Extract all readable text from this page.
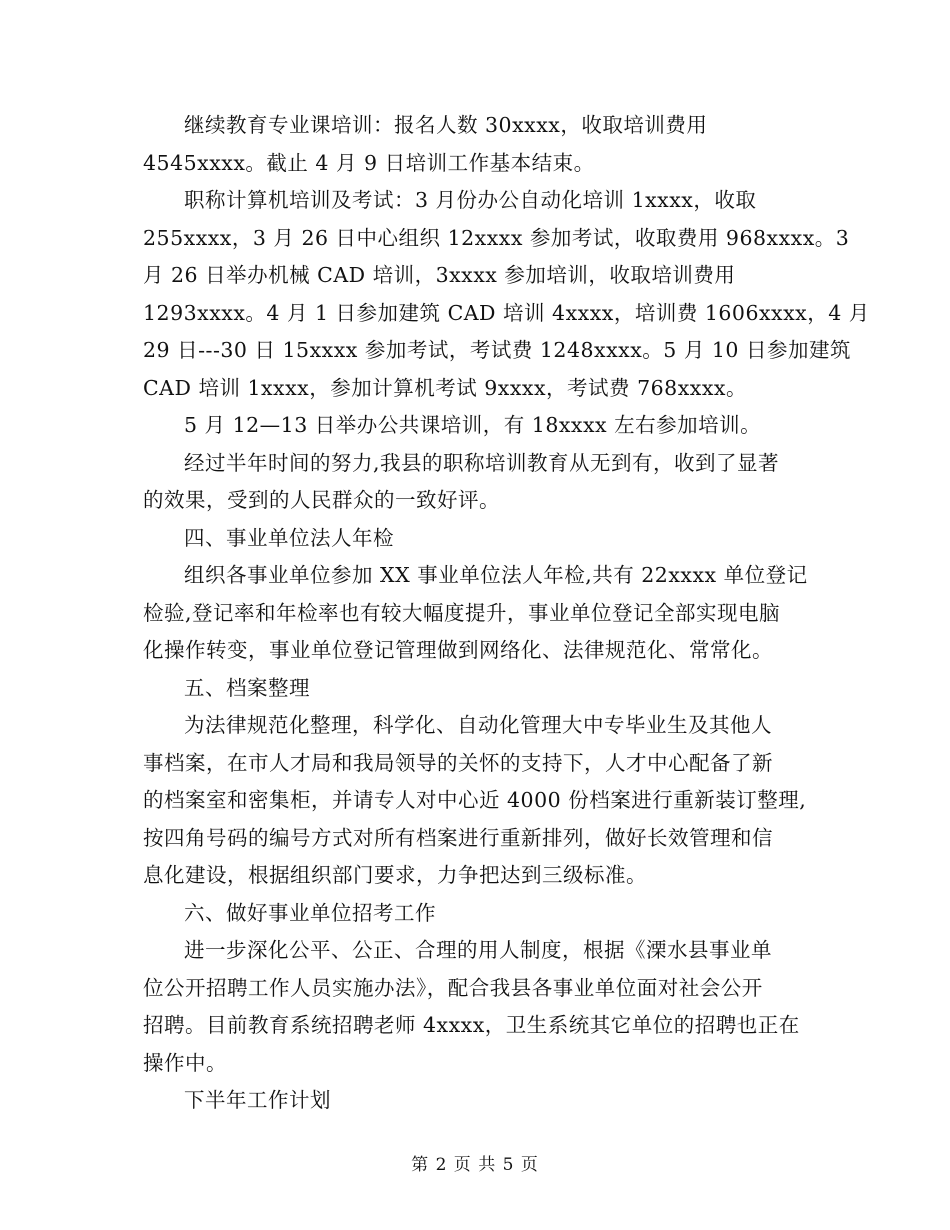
继续教育专业课培训：报名人数 30xxxx，收取培训费用
4545xxxx。截止 4 月 9 日培训工作基本结束。
职称计算机培训及考试：3 月份办公自动化培训 1xxxx，收取
255xxxx，3 月 26 日中心组织 12xxxx 参加考试，收取费用 968xxxx。3
月 26 日举办机械 CAD 培训，3xxxx 参加培训，收取培训费用
1293xxxx。4 月 1 日参加建筑 CAD 培训 4xxxx，培训费 1606xxxx，4 月
29 日---30 日 15xxxx 参加考试，考试费 1248xxxx。5 月 10 日参加建筑
CAD 培训 1xxxx，参加计算机考试 9xxxx，考试费 768xxxx。
5 月 12—13 日举办公共课培训，有 18xxxx 左右参加培训。
经过半年时间的努力,我县的职称培训教育从无到有，收到了显著
的效果，受到的人民群众的一致好评。
四、事业单位法人年检
组织各事业单位参加 XX 事业单位法人年检,共有 22xxxx 单位登记
检验,登记率和年检率也有较大幅度提升，事业单位登记全部实现电脑
化操作转变，事业单位登记管理做到网络化、法律规范化、常常化。
五、档案整理
为法律规范化整理，科学化、自动化管理大中专毕业生及其他人
事档案，在市人才局和我局领导的关怀的支持下，人才中心配备了新
的档案室和密集柜，并请专人对中心近 4000 份档案进行重新装订整理,
按四角号码的编号方式对所有档案进行重新排列，做好长效管理和信
息化建设，根据组织部门要求，力争把达到三级标准。
六、做好事业单位招考工作
进一步深化公平、公正、合理的用人制度，根据《溧水县事业单
位公开招聘工作人员实施办法》，配合我县各事业单位面对社会公开
招聘。目前教育系统招聘老师 4xxxx，卫生系统其它单位的招聘也正在
操作中。
下半年工作计划
第 2 页 共 5 页
